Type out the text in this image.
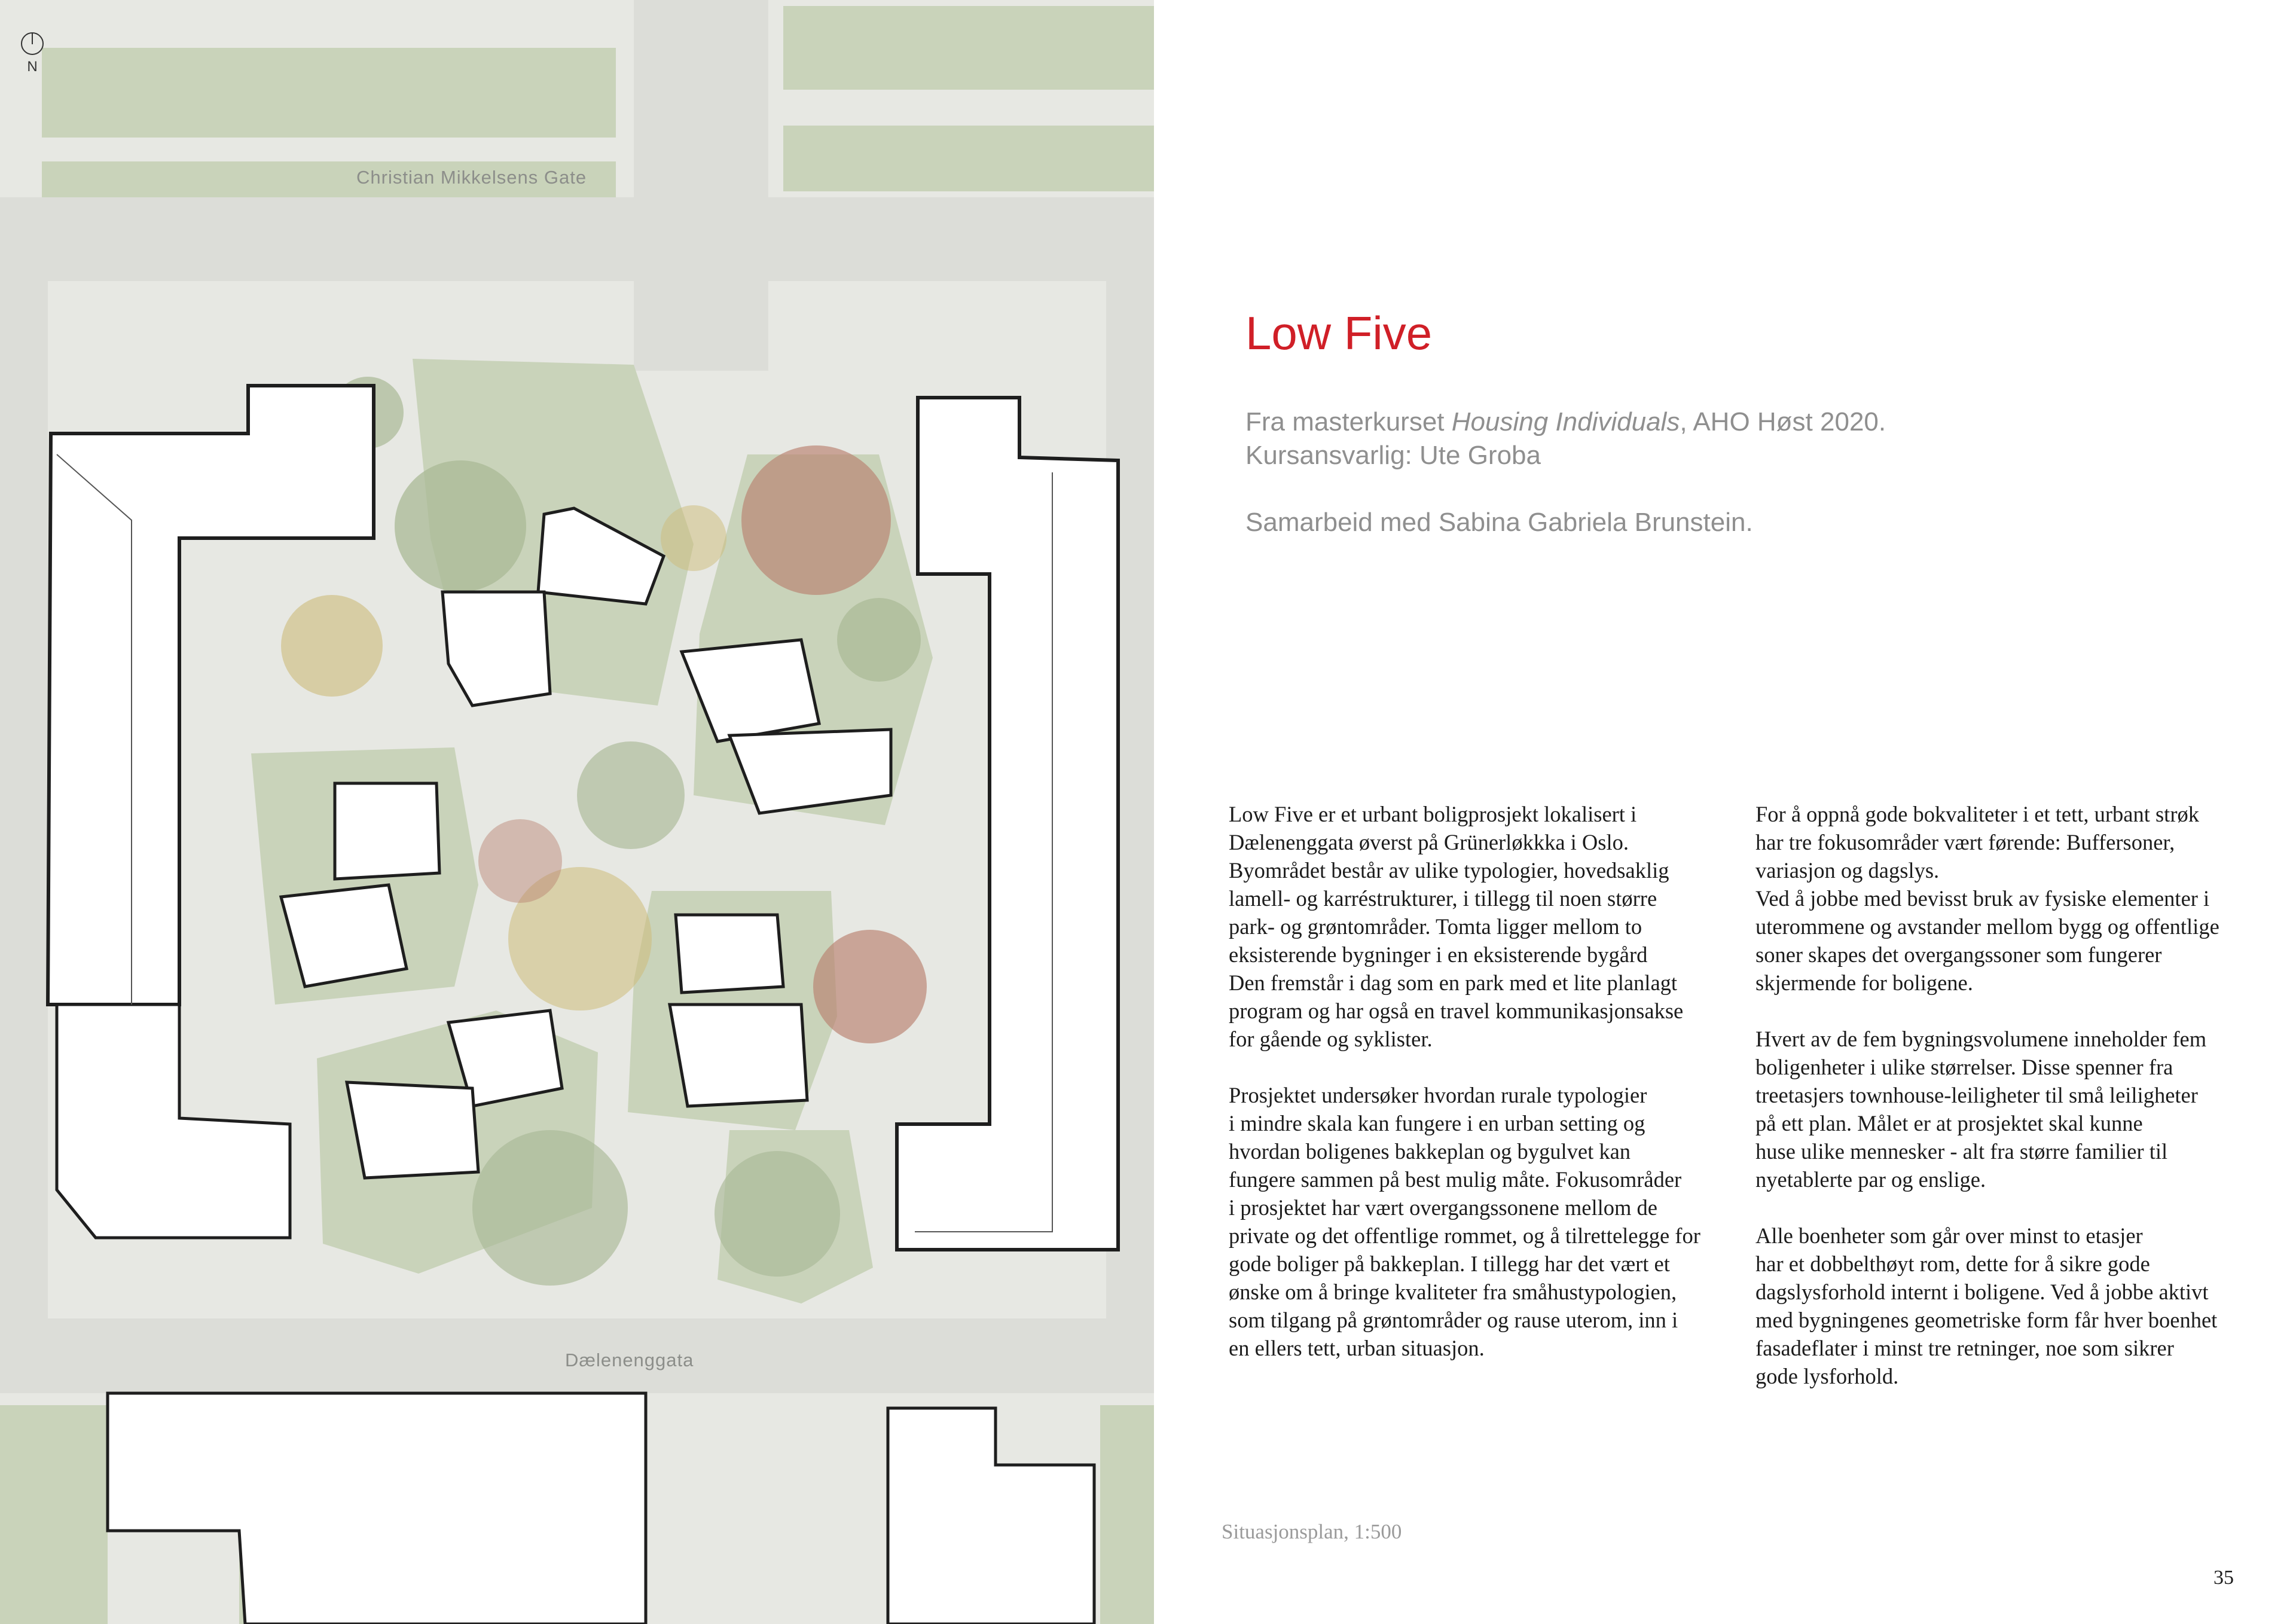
N
Christian Mikkelsens Gate
Dælenenggata
Low Five
Fra masterkurset Housing Individuals, AHO Høst 2020.
Kursansvarlig: Ute Groba
Samarbeid med Sabina Gabriela Brunstein.
Low Five er et urbant boligprosjekt lokalisert i
Dælenenggata øverst på Grünerløkkka i Oslo.
Byområdet består av ulike typologier, hovedsaklig
lamell- og karréstrukturer, i tillegg til noen større
park- og grøntområder. Tomta ligger mellom to
eksisterende bygninger i en eksisterende bygård
Den fremstår i dag som en park med et lite planlagt
program og har også en travel kommunikasjonsakse
for gående og syklister.

Prosjektet undersøker hvordan rurale typologier
i mindre skala kan fungere i en urban setting og
hvordan boligenes bakkeplan og bygulvet kan
fungere sammen på best mulig måte. Fokusområder
i prosjektet har vært overgangssonene mellom de
private og det offentlige rommet, og å tilrettelegge for
gode boliger på bakkeplan. I tillegg har det vært et
ønske om å bringe kvaliteter fra småhustypologien,
som tilgang på grøntområder og rause uterom, inn i
en ellers tett, urban situasjon.
For å oppnå gode bokvaliteter i et tett, urbant strøk
har tre fokusområder vært førende: Buffersoner,
variasjon og dagslys.
Ved å jobbe med bevisst bruk av fysiske elementer i
uterommene og avstander mellom bygg og offentlige
soner skapes det overgangssoner som fungerer
skjermende for boligene.

Hvert av de fem bygningsvolumene inneholder fem
boligenheter i ulike størrelser. Disse spenner fra
treetasjers townhouse-leiligheter til små leiligheter
på ett plan. Målet er at prosjektet skal kunne
huse ulike mennesker - alt fra større familier til
nyetablerte par og enslige.

Alle boenheter som går over minst to etasjer
har et dobbelthøyt rom, dette for å sikre gode
dagslysforhold internt i boligene. Ved å jobbe aktivt
med bygningenes geometriske form får hver boenhet
fasadeflater i minst tre retninger, noe som sikrer
gode lysforhold.
Situasjonsplan, 1:500
35
